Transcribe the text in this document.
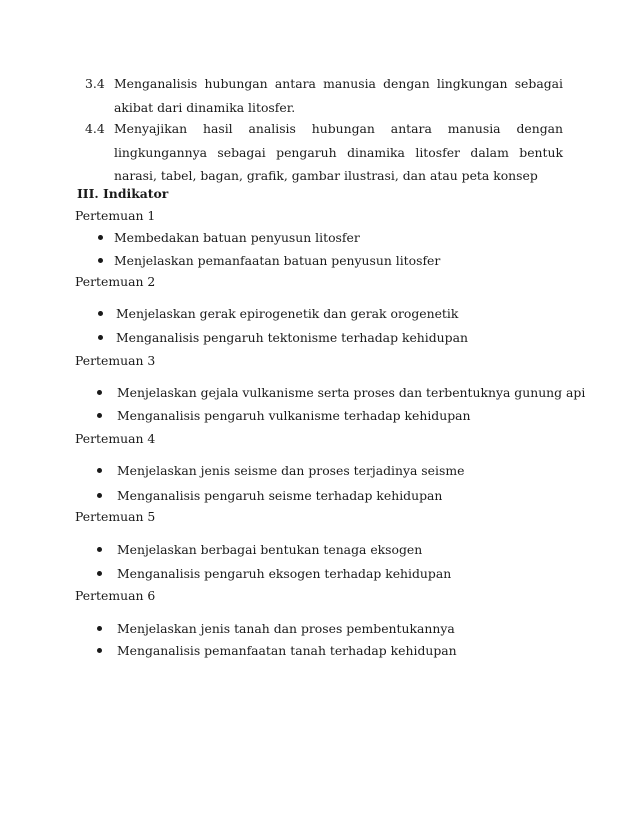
3.4 Menganalisis hubungan antara manusia dengan lingkungan sebagai akibat dari dinamika litosfer.
4.4 Menyajikan hasil analisis hubungan antara manusia dengan lingkungannya sebagai pengaruh dinamika litosfer dalam bentuk narasi, tabel, bagan, grafik, gambar ilustrasi, dan atau peta konsep
III. Indikator
Pertemuan 1
Membedakan batuan penyusun litosfer
Menjelaskan pemanfaatan batuan penyusun litosfer
Pertemuan 2
Menjelaskan gerak epirogenetik dan gerak orogenetik
Menganalisis pengaruh tektonisme terhadap kehidupan
Pertemuan 3
Menjelaskan gejala vulkanisme serta proses dan terbentuknya gunung api
Menganalisis pengaruh vulkanisme terhadap kehidupan
Pertemuan 4
Menjelaskan jenis seisme dan proses terjadinya seisme
Menganalisis pengaruh seisme terhadap kehidupan
Pertemuan 5
Menjelaskan berbagai bentukan tenaga eksogen
Menganalisis pengaruh eksogen terhadap kehidupan
Pertemuan 6
Menjelaskan jenis tanah dan proses pembentukannya
Menganalisis pemanfaatan tanah terhadap kehidupan
